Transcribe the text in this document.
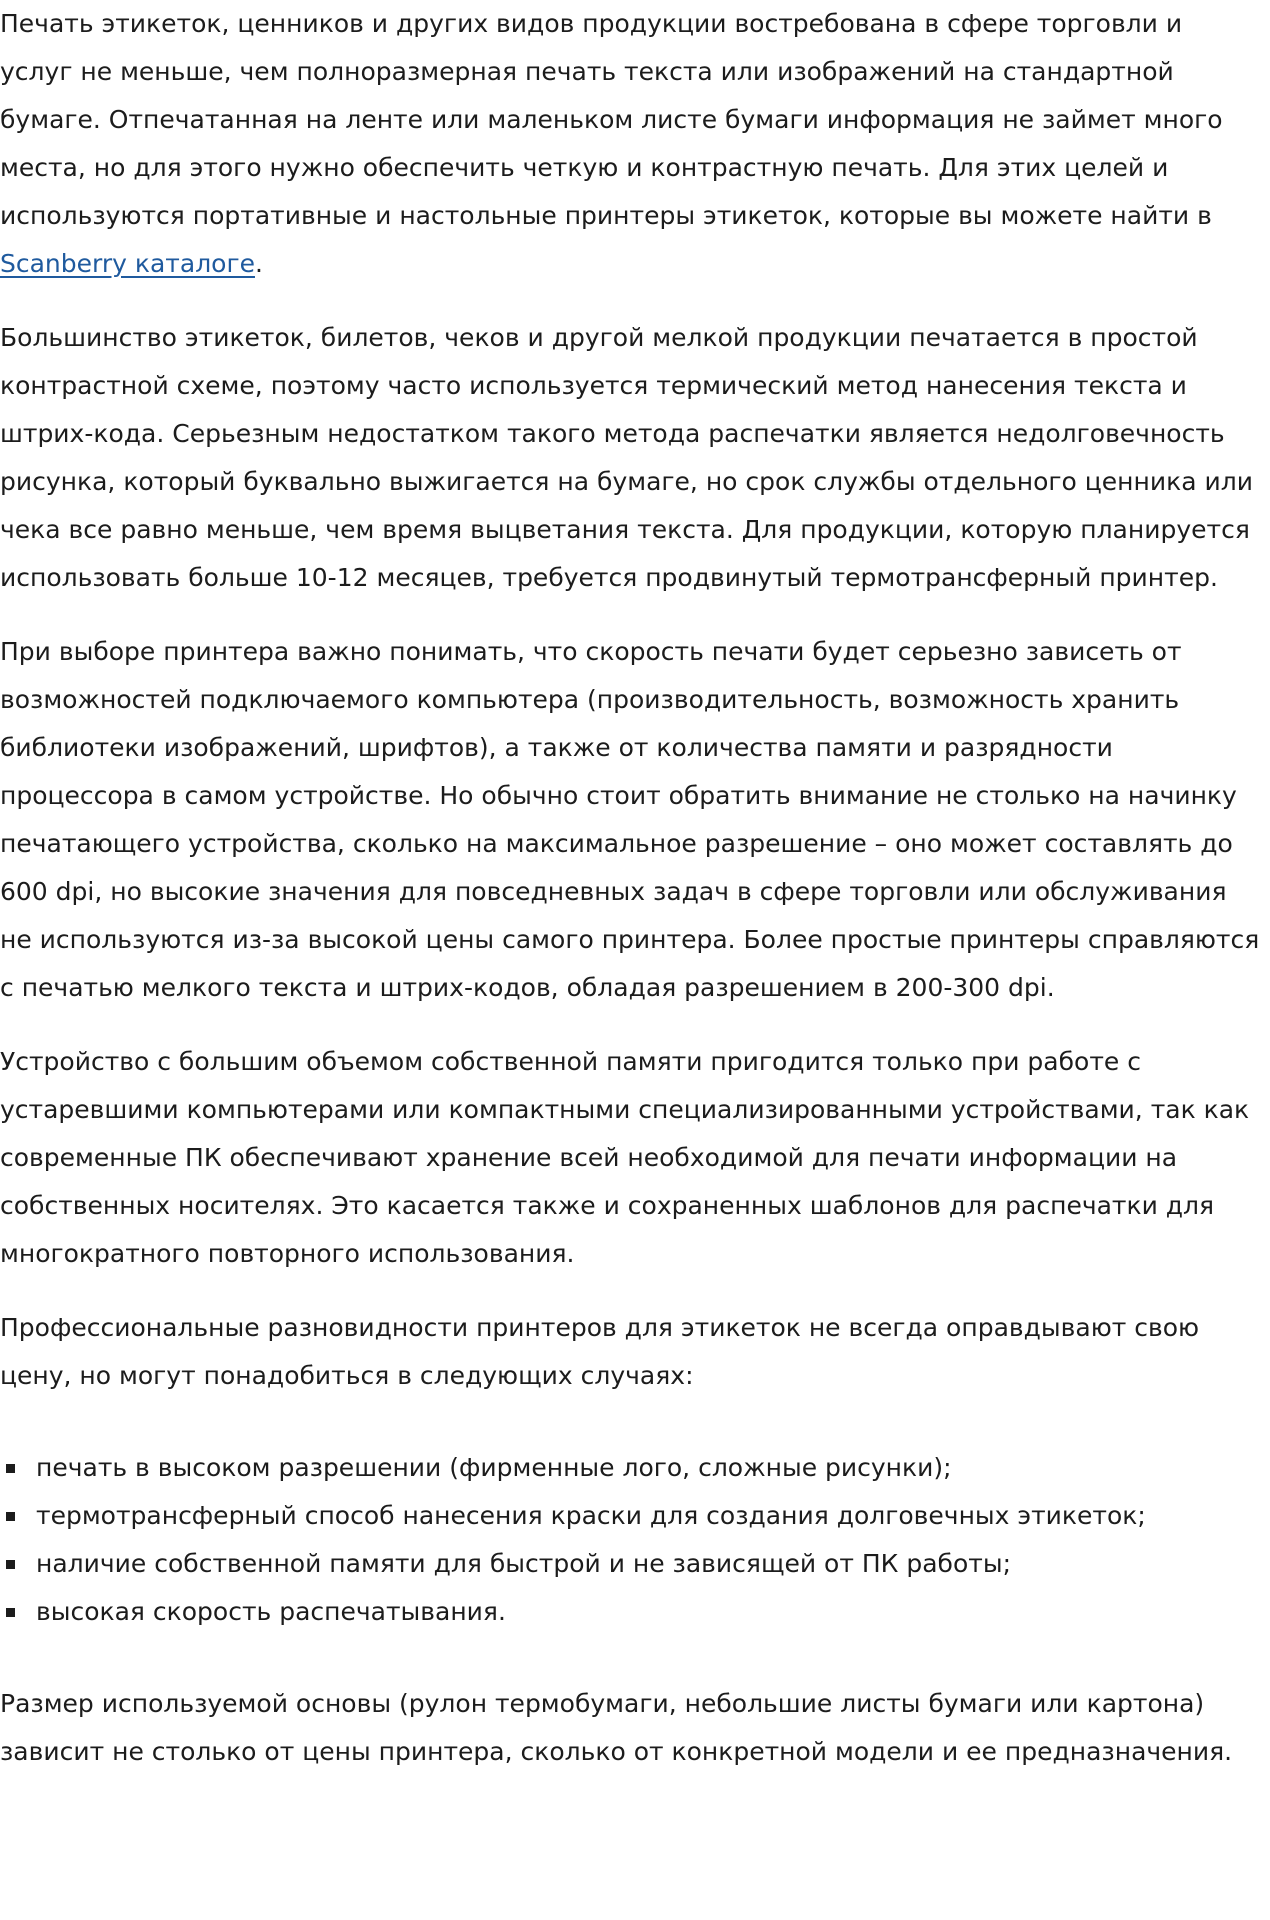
Печать этикеток, ценников и других видов продукции востребована в сфере торговли и услуг не меньше, чем полноразмерная печать текста или изображений на стандартной бумаге. Отпечатанная на ленте или маленьком листе бумаги информация не займет много места, но для этого нужно обеспечить четкую и контрастную печать. Для этих целей и используются портативные и настольные принтеры этикеток, которые вы можете найти в Scanberry каталоге.

Большинство этикеток, билетов, чеков и другой мелкой продукции печатается в простой контрастной схеме, поэтому часто используется термический метод нанесения текста и штрих-кода. Серьезным недостатком такого метода распечатки является недолговечность рисунка, который буквально выжигается на бумаге, но срок службы отдельного ценника или чека все равно меньше, чем время выцветания текста. Для продукции, которую планируется использовать больше 10-12 месяцев, требуется продвинутый термотрансферный принтер.

При выборе принтера важно понимать, что скорость печати будет серьезно зависеть от возможностей подключаемого компьютера (производительность, возможность хранить библиотеки изображений, шрифтов), а также от количества памяти и разрядности процессора в самом устройстве. Но обычно стоит обратить внимание не столько на начинку печатающего устройства, сколько на максимальное разрешение – оно может составлять до 600 dpi, но высокие значения для повседневных задач в сфере торговли или обслуживания не используются из-за высокой цены самого принтера. Более простые принтеры справляются с печатью мелкого текста и штрих-кодов, обладая разрешением в 200-300 dpi.

Устройство с большим объемом собственной памяти пригодится только при работе с устаревшими компьютерами или компактными специализированными устройствами, так как современные ПК обеспечивают хранение всей необходимой для печати информации на собственных носителях. Это касается также и сохраненных шаблонов для распечатки для многократного повторного использования.

Профессиональные разновидности принтеров для этикеток не всегда оправдывают свою цену, но могут понадобиться в следующих случаях:

печать в высоком разрешении (фирменные лого, сложные рисунки);
термотрансферный способ нанесения краски для создания долговечных этикеток;
наличие собственной памяти для быстрой и не зависящей от ПК работы;
высокая скорость распечатывания.

Размер используемой основы (рулон термобумаги, небольшие листы бумаги или картона) зависит не столько от цены принтера, сколько от конкретной модели и ее предназначения.
